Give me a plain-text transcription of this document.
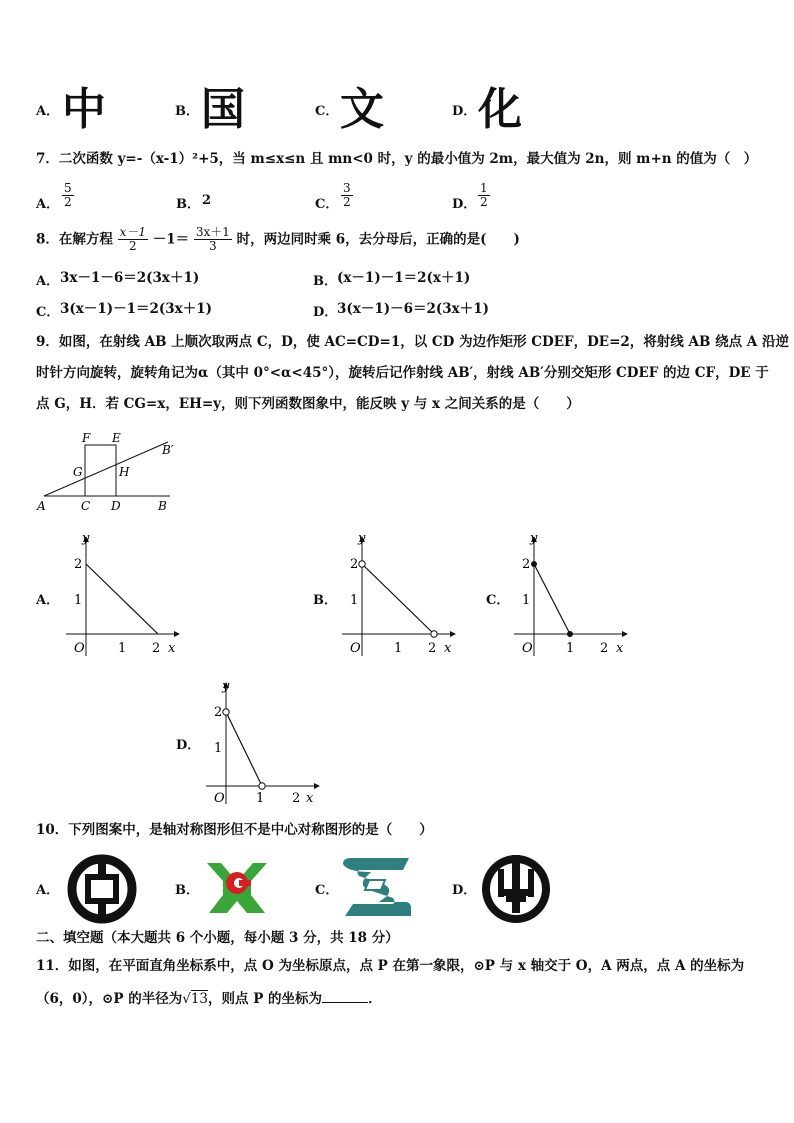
A． 中	B． 国	C． 文	D． 化
7．二次函数 y=-（x-1）²+5，当 m≤x≤n 且 mn<0 时，y 的最小值为 2m，最大值为 2n，则 m+n 的值为（　）
A． $\frac{5}{2}$	B． 2	C． $\frac{3}{2}$	D． $\frac{1}{2}$
8．在解方程 $\frac{x-1}{2} -1= \frac{3x+1}{3}$ 时，两边同时乘 6，去分母后，正确的是(　　)
A． 3x－1－6＝2(3x＋1)	B． (x－1)－1＝2(x＋1)
C． 3(x－1)－1＝2(3x＋1)	D． 3(x－1)－6＝2(3x＋1)
9．如图，在射线 AB 上顺次取两点 C，D，使 AC=CD=1，以 CD 为边作矩形 CDEF，DE=2，将射线 AB 绕点 A 沿逆
时针方向旋转，旋转角记为α（其中 0°<α<45°），旋转后记作射线 AB′，射线 AB′分别交矩形 CDEF 的边 CF，DE 于
点 G，H．若 CG=x，EH=y，则下列函数图象中，能反映 y 与 x 之间关系的是（　　）
A	C D	B
F E
G	H
B′
A．
y
x
O
2
1
1 2
B．
y
x
O
2
1
1 2
C．
y
x
O
2
1
1 2
D．
y
x
O
2
1
1 2
10．下列图案中，是轴对称图形但不是中心对称图形的是（　　）
A．	B．	C．	D．
二、填空题（本大题共 6 个小题，每小题 3 分，共 18 分）
11．如图，在平面直角坐标系中，点 O 为坐标原点，点 P 在第一象限，⊙P 与 x 轴交于 O，A 两点，点 A 的坐标为
（6，0），⊙P 的半径为√13，则点 P 的坐标为	．
